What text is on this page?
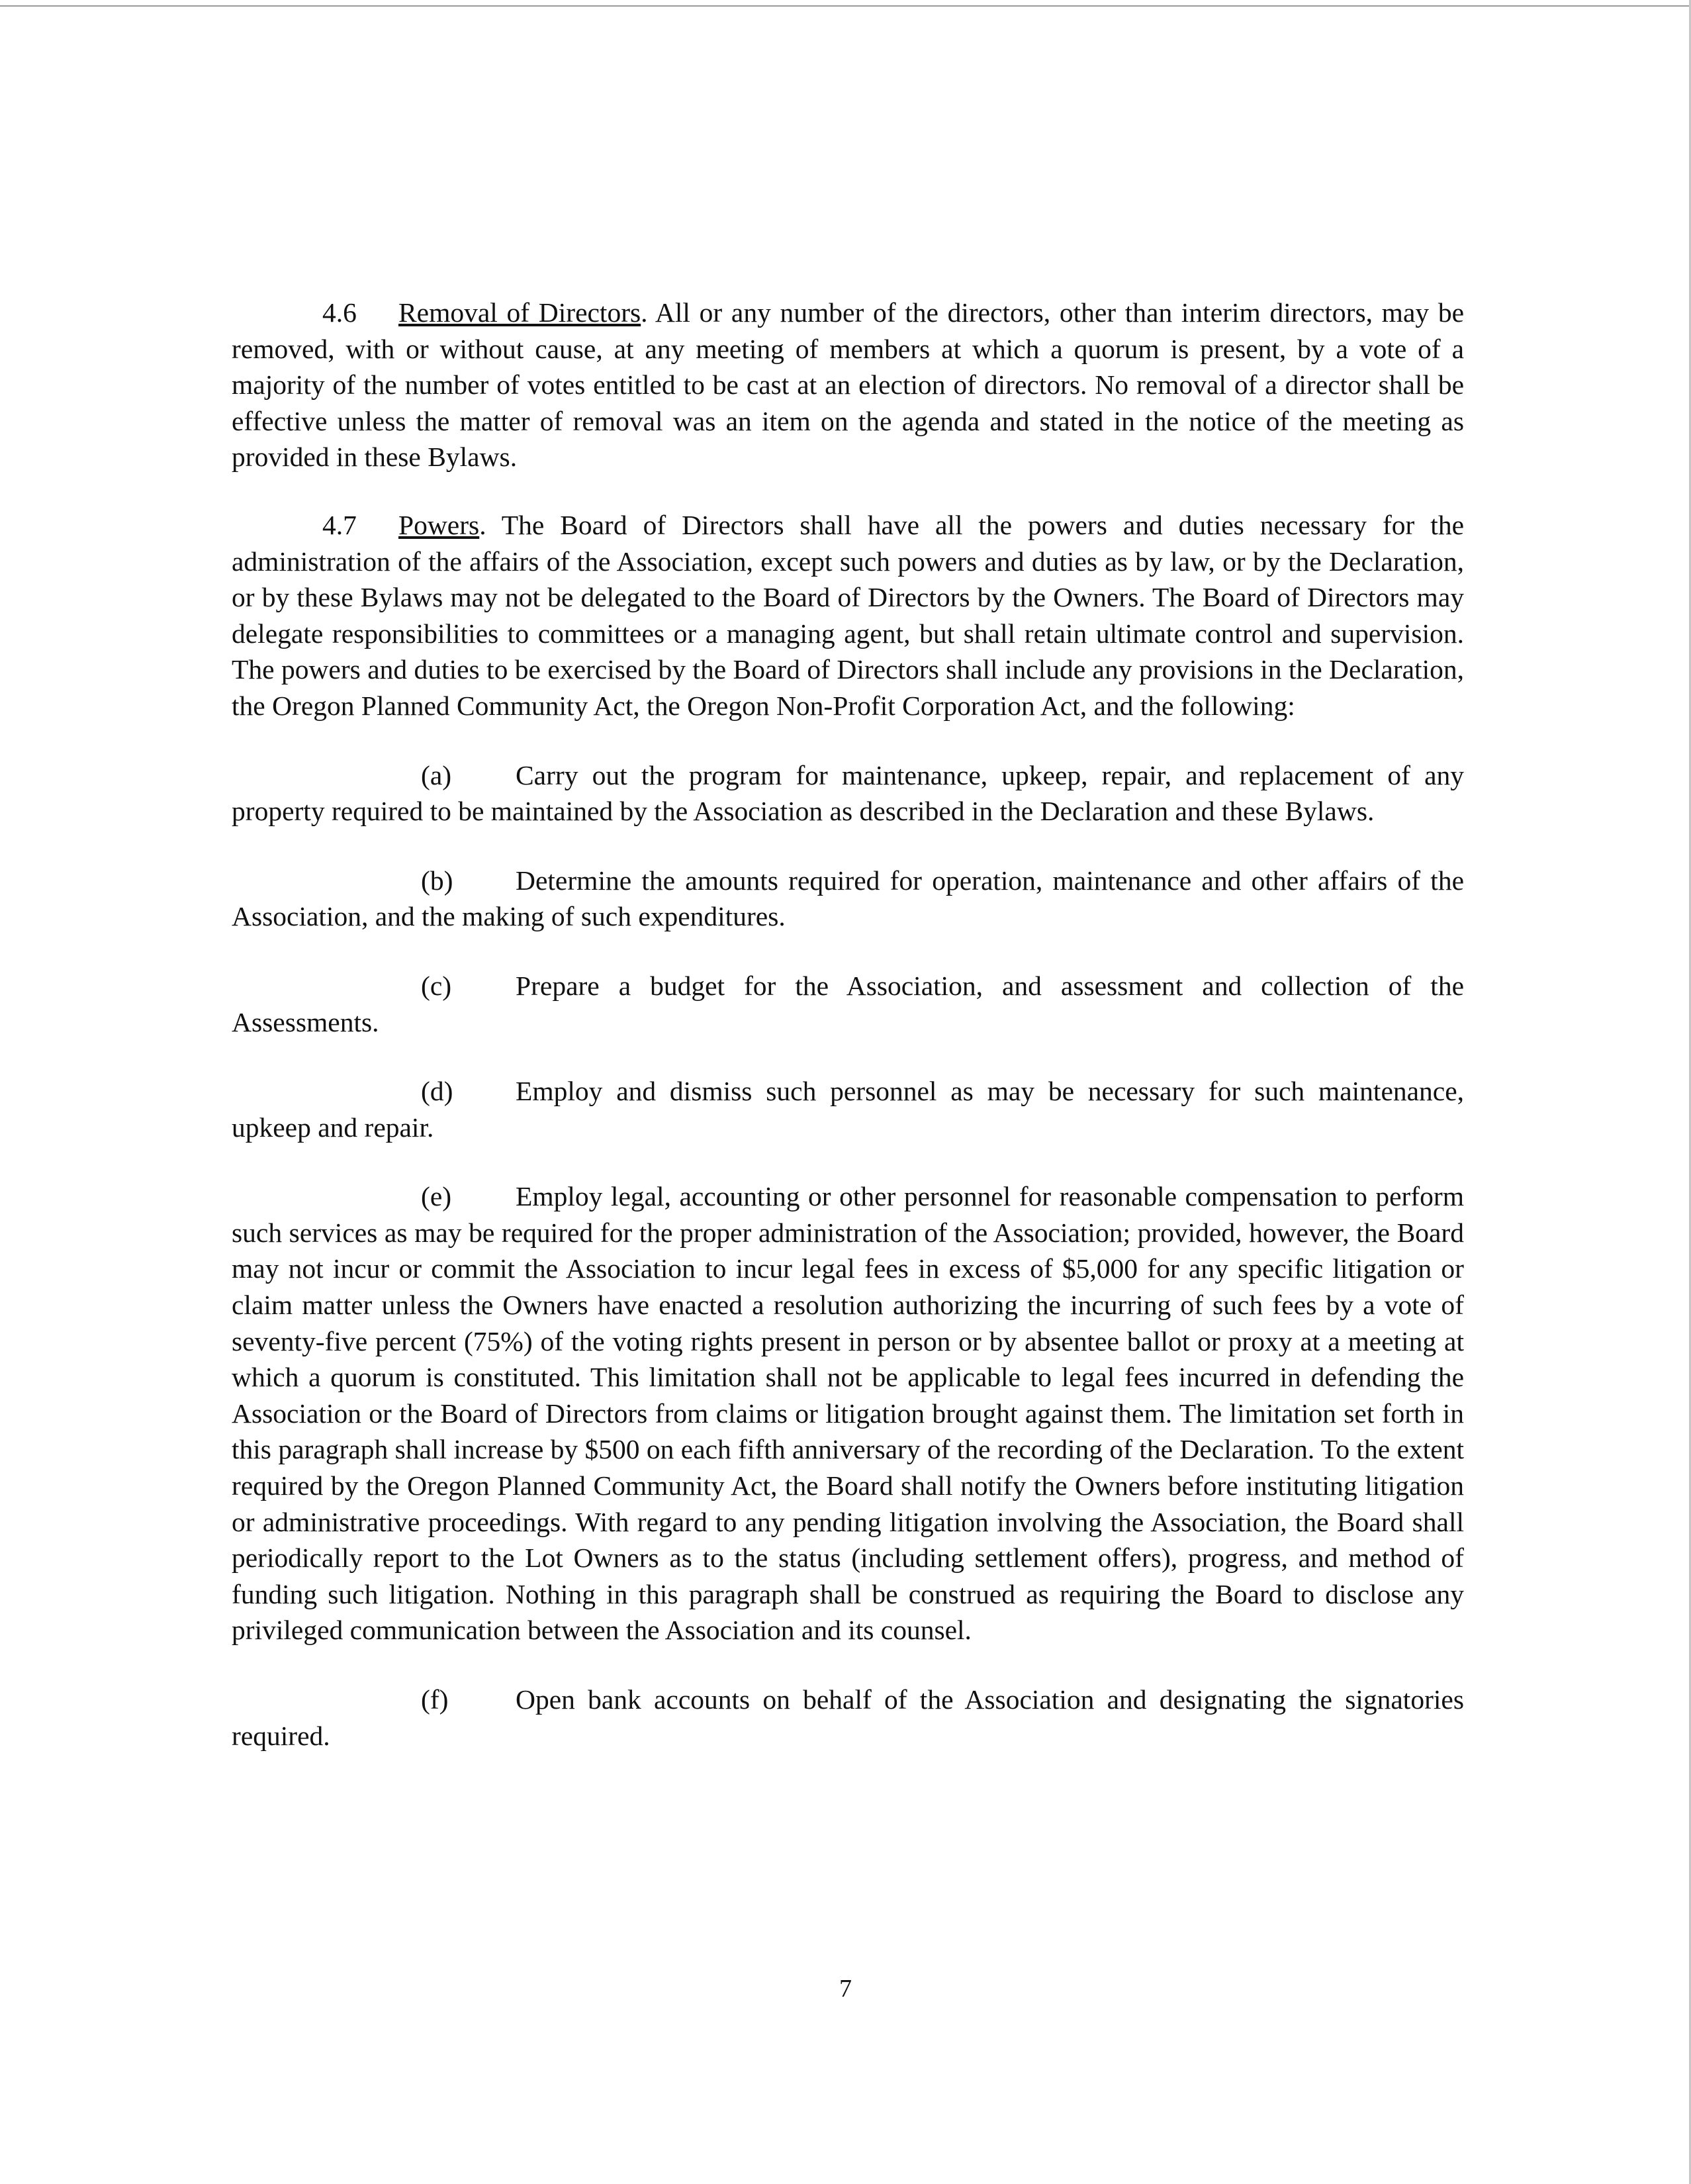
4.6 Removal of Directors. All or any number of the directors, other than interim directors, may be removed, with or without cause, at any meeting of members at which a quorum is present, by a vote of a majority of the number of votes entitled to be cast at an election of directors. No removal of a director shall be effective unless the matter of removal was an item on the agenda and stated in the notice of the meeting as provided in these Bylaws.

4.7 Powers. The Board of Directors shall have all the powers and duties necessary for the administration of the affairs of the Association, except such powers and duties as by law, or by the Declaration, or by these Bylaws may not be delegated to the Board of Directors by the Owners. The Board of Directors may delegate responsibilities to committees or a managing agent, but shall retain ultimate control and supervision. The powers and duties to be exercised by the Board of Directors shall include any provisions in the Declaration, the Oregon Planned Community Act, the Oregon Non-Profit Corporation Act, and the following:

(a) Carry out the program for maintenance, upkeep, repair, and replacement of any property required to be maintained by the Association as described in the Declaration and these Bylaws.

(b) Determine the amounts required for operation, maintenance and other affairs of the Association, and the making of such expenditures.

(c) Prepare a budget for the Association, and assessment and collection of the Assessments.

(d) Employ and dismiss such personnel as may be necessary for such maintenance, upkeep and repair.

(e) Employ legal, accounting or other personnel for reasonable compensation to perform such services as may be required for the proper administration of the Association; provided, however, the Board may not incur or commit the Association to incur legal fees in excess of $5,000 for any specific litigation or claim matter unless the Owners have enacted a resolution authorizing the incurring of such fees by a vote of seventy-five percent (75%) of the voting rights present in person or by absentee ballot or proxy at a meeting at which a quorum is constituted. This limitation shall not be applicable to legal fees incurred in defending the Association or the Board of Directors from claims or litigation brought against them. The limitation set forth in this paragraph shall increase by $500 on each fifth anniversary of the recording of the Declaration. To the extent required by the Oregon Planned Community Act, the Board shall notify the Owners before instituting litigation or administrative proceedings. With regard to any pending litigation involving the Association, the Board shall periodically report to the Lot Owners as to the status (including settlement offers), progress, and method of funding such litigation. Nothing in this paragraph shall be construed as requiring the Board to disclose any privileged communication between the Association and its counsel.

(f) Open bank accounts on behalf of the Association and designating the signatories required.

7
